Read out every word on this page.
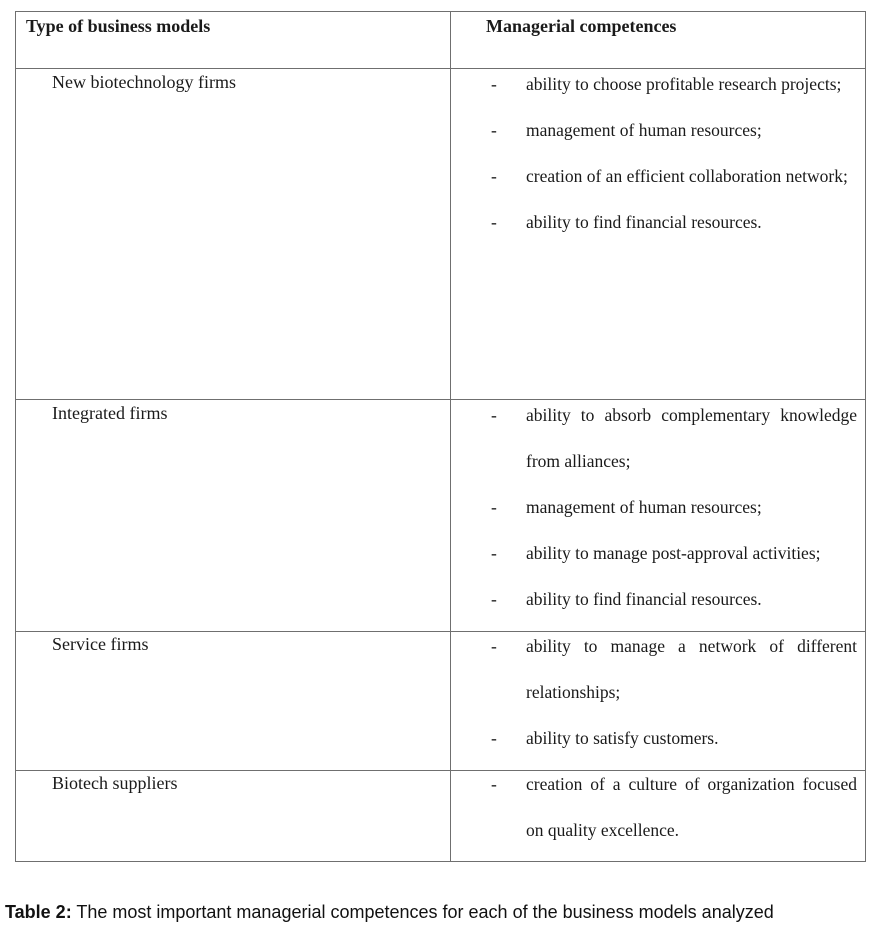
Type of business models	Managerial competences
New biotechnology firms	- ability to choose profitable research projects;
- management of human resources;
- creation of an efficient collaboration network;
- ability to find financial resources.
Integrated firms	- ability to absorb complementary knowledge from alliances;
- management of human resources;
- ability to manage post-approval activities;
- ability to find financial resources.
Service firms	- ability to manage a network of different relationships;
- ability to satisfy customers.
Biotech suppliers	- creation of a culture of organization focused on quality excellence.
Table 2: The most important managerial competences for each of the business models analyzed
